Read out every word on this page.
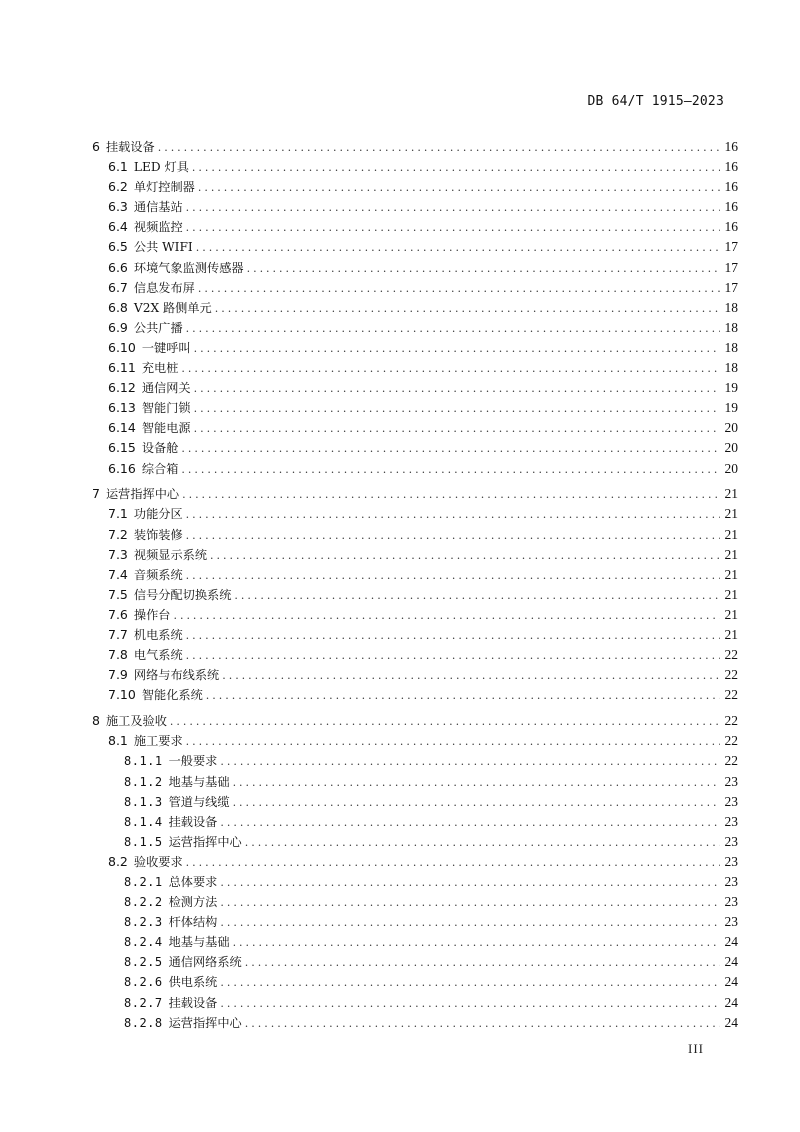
DB 64/T 1915—2023
6 挂载设备 . . .	16
6.1 LED 灯具 . . .	16
6.2 单灯控制器 . . .	16
6.3 通信基站 . . .	16
6.4 视频监控 . . .	16
6.5 公共 WIFI . . .	17
6.6 环境气象监测传感器 . . .	17
6.7 信息发布屏 . . .	17
6.8 V2X 路侧单元 . . .	18
6.9 公共广播 . . .	18
6.10 一键呼叫 . . .	18
6.11 充电桩 . . .	18
6.12 通信网关 . . .	19
6.13 智能门锁 . . .	19
6.14 智能电源 . . .	20
6.15 设备舱 . . .	20
6.16 综合箱 . . .	20
7 运营指挥中心 . . .	21
7.1 功能分区 . . .	21
7.2 装饰装修 . . .	21
7.3 视频显示系统 . . .	21
7.4 音频系统 . . .	21
7.5 信号分配切换系统 . . .	21
7.6 操作台 . . .	21
7.7 机电系统 . . .	21
7.8 电气系统 . . .	22
7.9 网络与布线系统 . . .	22
7.10 智能化系统 . . .	22
8 施工及验收 . . .	22
8.1 施工要求 . . .	22
8.1.1 一般要求 . . .	22
8.1.2 地基与基础 . . .	23
8.1.3 管道与线缆 . . .	23
8.1.4 挂载设备 . . .	23
8.1.5 运营指挥中心 . . .	23
8.2 验收要求 . . .	23
8.2.1 总体要求 . . .	23
8.2.2 检测方法 . . .	23
8.2.3 杆体结构 . . .	23
8.2.4 地基与基础 . . .	24
8.2.5 通信网络系统 . . .	24
8.2.6 供电系统 . . .	24
8.2.7 挂载设备 . . .	24
8.2.8 运营指挥中心 . . .	24
III
